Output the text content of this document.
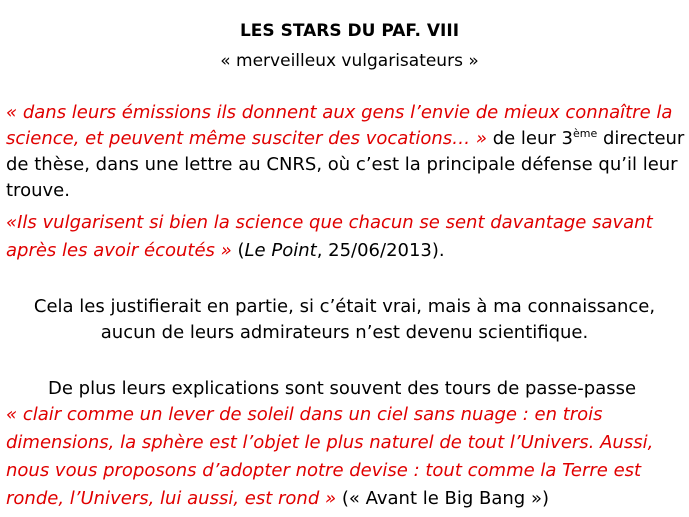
LES STARS DU PAF. VIII
« merveilleux vulgarisateurs »
« dans leurs émissions ils donnent aux gens l’envie de mieux connaître la
science, et peuvent même susciter des vocations… » de leur 3ème directeur
de thèse, dans une lettre au CNRS, où c’est la principale défense qu’il leur
trouve.
«Ils vulgarisent si bien la science que chacun se sent davantage savant
après les avoir écoutés » (Le Point, 25/06/2013).
Cela les justifierait en partie, si c’était vrai, mais à ma connaissance,
aucun de leurs admirateurs n’est devenu scientifique.
De plus leurs explications sont souvent des tours de passe-passe
« clair comme un lever de soleil dans un ciel sans nuage : en trois
dimensions, la sphère est l’objet le plus naturel de tout l’Univers. Aussi,
nous vous proposons d’adopter notre devise : tout comme la Terre est
ronde, l’Univers, lui aussi, est rond » (« Avant le Big Bang »)
